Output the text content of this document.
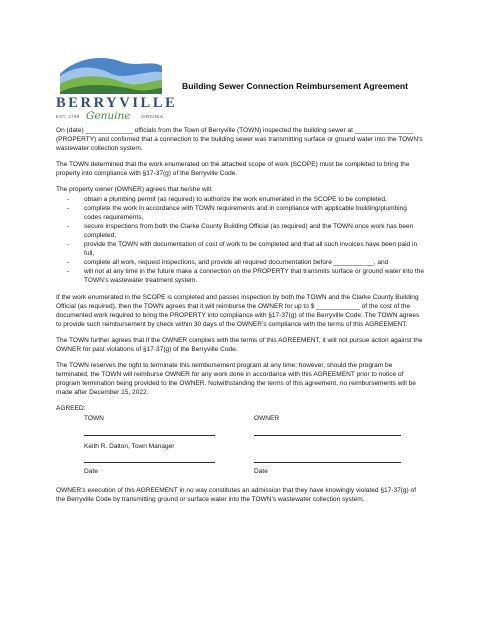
BERRYVILLE
Genuine
EST. 1798	VIRGINIA
Building Sewer Connection Reimbursement Agreement

On (date) _____________ officials from the Town of Berryville (TOWN) inspected the building sewer at ________________ (PROPERTY) and confirmed that a connection to the building sewer was transmitting surface or ground water into the TOWN’s wastewater collection system.

The TOWN determined that the work enumerated on the attached scope of work (SCOPE) must be completed to bring the property into compliance with §17-37(g) of the Berryville Code.

The property owner (OWNER) agrees that he/she will:

- obtain a plumbing permit (as required) to authorize the work enumerated in the SCOPE to be completed,
- complete the work in accordance with TOWN requirements and in compliance with applicable building/plumbing codes requirements,
- secure inspections from both the Clarke County Building Official (as required) and the TOWN once work has been completed,
- provide the TOWN with documentation of cost of work to be completed and that all such invoices have been paid in full,
- complete all work, request inspections, and provide all required documentation before ___________, and
- will not at any time in the future make a connection on the PROPERTY that transmits surface or ground water into the TOWN’s wastewater treatment system.

If the work enumerated in the SCOPE is completed and passes inspection by both the TOWN and the Clarke County Building Official (as required), then the TOWN agrees that it will reimburse the OWNER for up to $ ____________ of the cost of the documented work required to bring the PROPERTY into compliance with §17-37(g) of the Berryville Code. The TOWN agrees to provide such reimbursement by check within 30 days of the OWNER’s compliance with the terms of this AGREEMENT.

The TOWN further agrees that if the OWNER complies with the terms of this AGREEMENT, it will not pursue action against the OWNER for past violations of §17-37(g) of the Berryville Code.

The TOWN reserves the right to terminate this reimbursement program at any time; however, should the program be terminated, the TOWN will reimburse OWNER for any work done in accordance with this AGREEMENT prior to notice of program termination being provided to the OWNER. Notwithstanding the terms of this agreement, no reimbursements will be made after December 15, 2022.

AGREED:
TOWN	OWNER
Keith R. Dalton, Town Manager
Date	Date

OWNER’s execution of this AGREEMENT in no way constitutes an admission that they have knowingly violated §17-37(g) of the Berryville Code by transmitting ground or surface water into the TOWN’s wastewater collection system.
